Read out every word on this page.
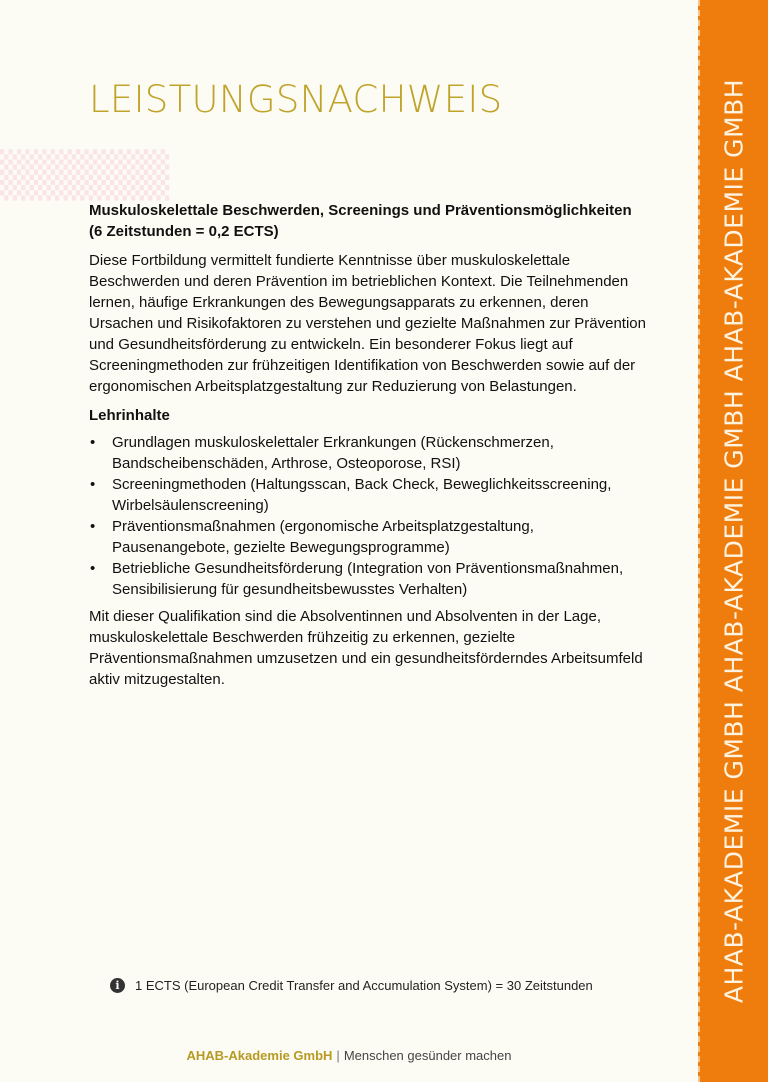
▒▒▒▒▒
LEISTUNGSNACHWEIS
Muskuloskelettale Beschwerden, Screenings und Präventionsmöglichkeiten (6 Zeitstunden = 0,2 ECTS)
Diese Fortbildung vermittelt fundierte Kenntnisse über muskuloskelettale Beschwerden und deren Prävention im betrieblichen Kontext. Die Teilnehmenden lernen, häufige Erkrankungen des Bewegungsapparats zu erkennen, deren Ursachen und Risikofaktoren zu verstehen und gezielte Maßnahmen zur Prävention und Gesundheitsförderung zu entwickeln. Ein besonderer Fokus liegt auf Screeningmethoden zur frühzeitigen Identifikation von Beschwerden sowie auf der ergonomischen Arbeitsplatzgestaltung zur Reduzierung von Belastungen.
Lehrinhalte
• Grundlagen muskuloskelettaler Erkrankungen (Rückenschmerzen, Bandscheibenschäden, Arthrose, Osteoporose, RSI)
• Screeningmethoden (Haltungsscan, Back Check, Beweglichkeitsscreening, Wirbelsäulenscreening)
• Präventionsmaßnahmen (ergonomische Arbeitsplatzgestaltung, Pausenangebote, gezielte Bewegungsprogramme)
• Betriebliche Gesundheitsförderung (Integration von Präventionsmaßnahmen, Sensibilisierung für gesundheitsbewusstes Verhalten)
Mit dieser Qualifikation sind die Absolventinnen und Absolventen in der Lage, muskuloskelettale Beschwerden frühzeitig zu erkennen, gezielte Präventionsmaßnahmen umzusetzen und ein gesundheitsförderndes Arbeitsumfeld aktiv mitzugestalten.
i	1 ECTS (European Credit Transfer and Accumulation System) = 30 Zeitstunden
AHAB-Akademie GmbH | Menschen gesünder machen
AHAB-AKADEMIE GMBH AHAB-AKADEMIE GMBH AHAB-AKADEMIE GMBH
